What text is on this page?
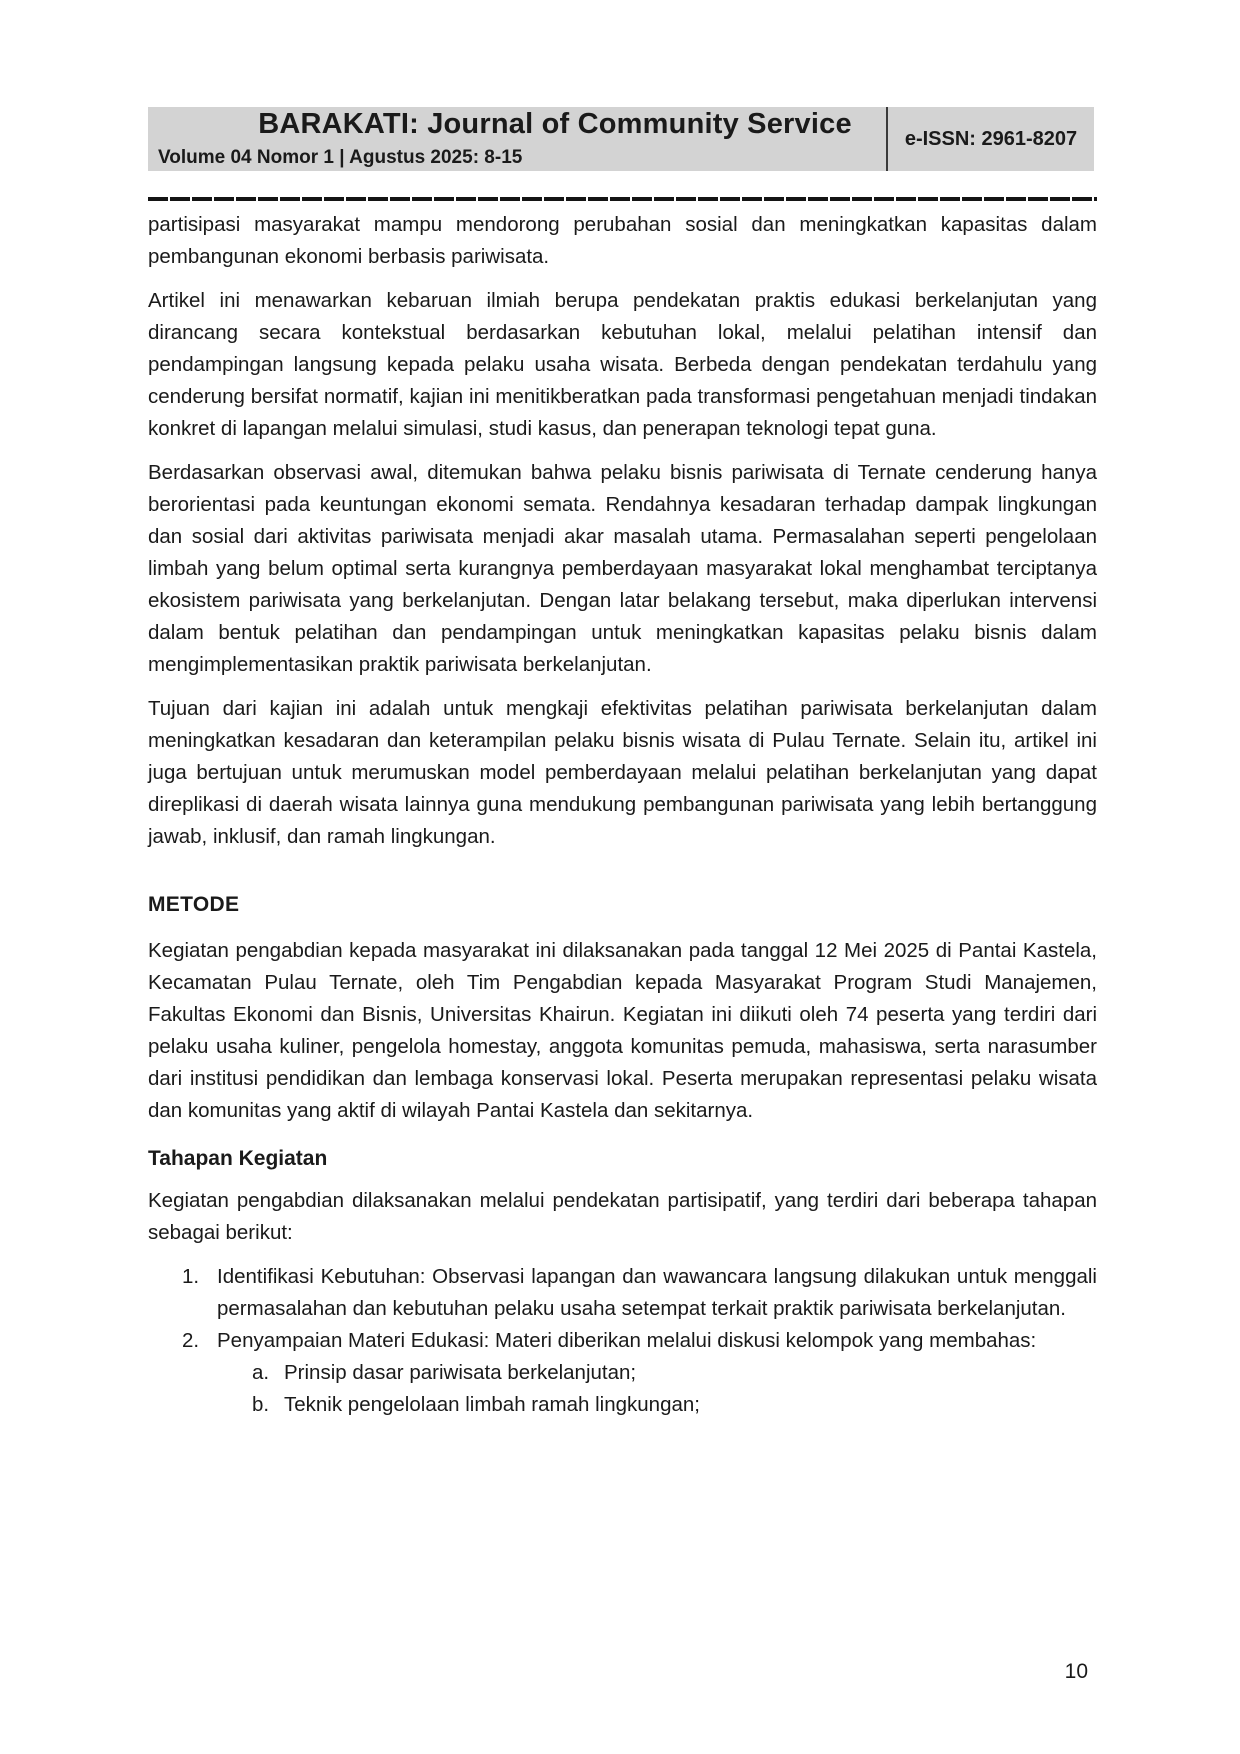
BARAKATI: Journal of Community Service
Volume 04 Nomor 1 | Agustus 2025: 8-15
e-ISSN: 2961-8207

partisipasi masyarakat mampu mendorong perubahan sosial dan meningkatkan kapasitas dalam pembangunan ekonomi berbasis pariwisata.

Artikel ini menawarkan kebaruan ilmiah berupa pendekatan praktis edukasi berkelanjutan yang dirancang secara kontekstual berdasarkan kebutuhan lokal, melalui pelatihan intensif dan pendampingan langsung kepada pelaku usaha wisata. Berbeda dengan pendekatan terdahulu yang cenderung bersifat normatif, kajian ini menitikberatkan pada transformasi pengetahuan menjadi tindakan konkret di lapangan melalui simulasi, studi kasus, dan penerapan teknologi tepat guna.

Berdasarkan observasi awal, ditemukan bahwa pelaku bisnis pariwisata di Ternate cenderung hanya berorientasi pada keuntungan ekonomi semata. Rendahnya kesadaran terhadap dampak lingkungan dan sosial dari aktivitas pariwisata menjadi akar masalah utama. Permasalahan seperti pengelolaan limbah yang belum optimal serta kurangnya pemberdayaan masyarakat lokal menghambat terciptanya ekosistem pariwisata yang berkelanjutan. Dengan latar belakang tersebut, maka diperlukan intervensi dalam bentuk pelatihan dan pendampingan untuk meningkatkan kapasitas pelaku bisnis dalam mengimplementasikan praktik pariwisata berkelanjutan.

Tujuan dari kajian ini adalah untuk mengkaji efektivitas pelatihan pariwisata berkelanjutan dalam meningkatkan kesadaran dan keterampilan pelaku bisnis wisata di Pulau Ternate. Selain itu, artikel ini juga bertujuan untuk merumuskan model pemberdayaan melalui pelatihan berkelanjutan yang dapat direplikasi di daerah wisata lainnya guna mendukung pembangunan pariwisata yang lebih bertanggung jawab, inklusif, dan ramah lingkungan.

METODE

Kegiatan pengabdian kepada masyarakat ini dilaksanakan pada tanggal 12 Mei 2025 di Pantai Kastela, Kecamatan Pulau Ternate, oleh Tim Pengabdian kepada Masyarakat Program Studi Manajemen, Fakultas Ekonomi dan Bisnis, Universitas Khairun. Kegiatan ini diikuti oleh 74 peserta yang terdiri dari pelaku usaha kuliner, pengelola homestay, anggota komunitas pemuda, mahasiswa, serta narasumber dari institusi pendidikan dan lembaga konservasi lokal. Peserta merupakan representasi pelaku wisata dan komunitas yang aktif di wilayah Pantai Kastela dan sekitarnya.

Tahapan Kegiatan

Kegiatan pengabdian dilaksanakan melalui pendekatan partisipatif, yang terdiri dari beberapa tahapan sebagai berikut:

1. Identifikasi Kebutuhan: Observasi lapangan dan wawancara langsung dilakukan untuk menggali permasalahan dan kebutuhan pelaku usaha setempat terkait praktik pariwisata berkelanjutan.
2. Penyampaian Materi Edukasi: Materi diberikan melalui diskusi kelompok yang membahas:
a. Prinsip dasar pariwisata berkelanjutan;
b. Teknik pengelolaan limbah ramah lingkungan;
10
